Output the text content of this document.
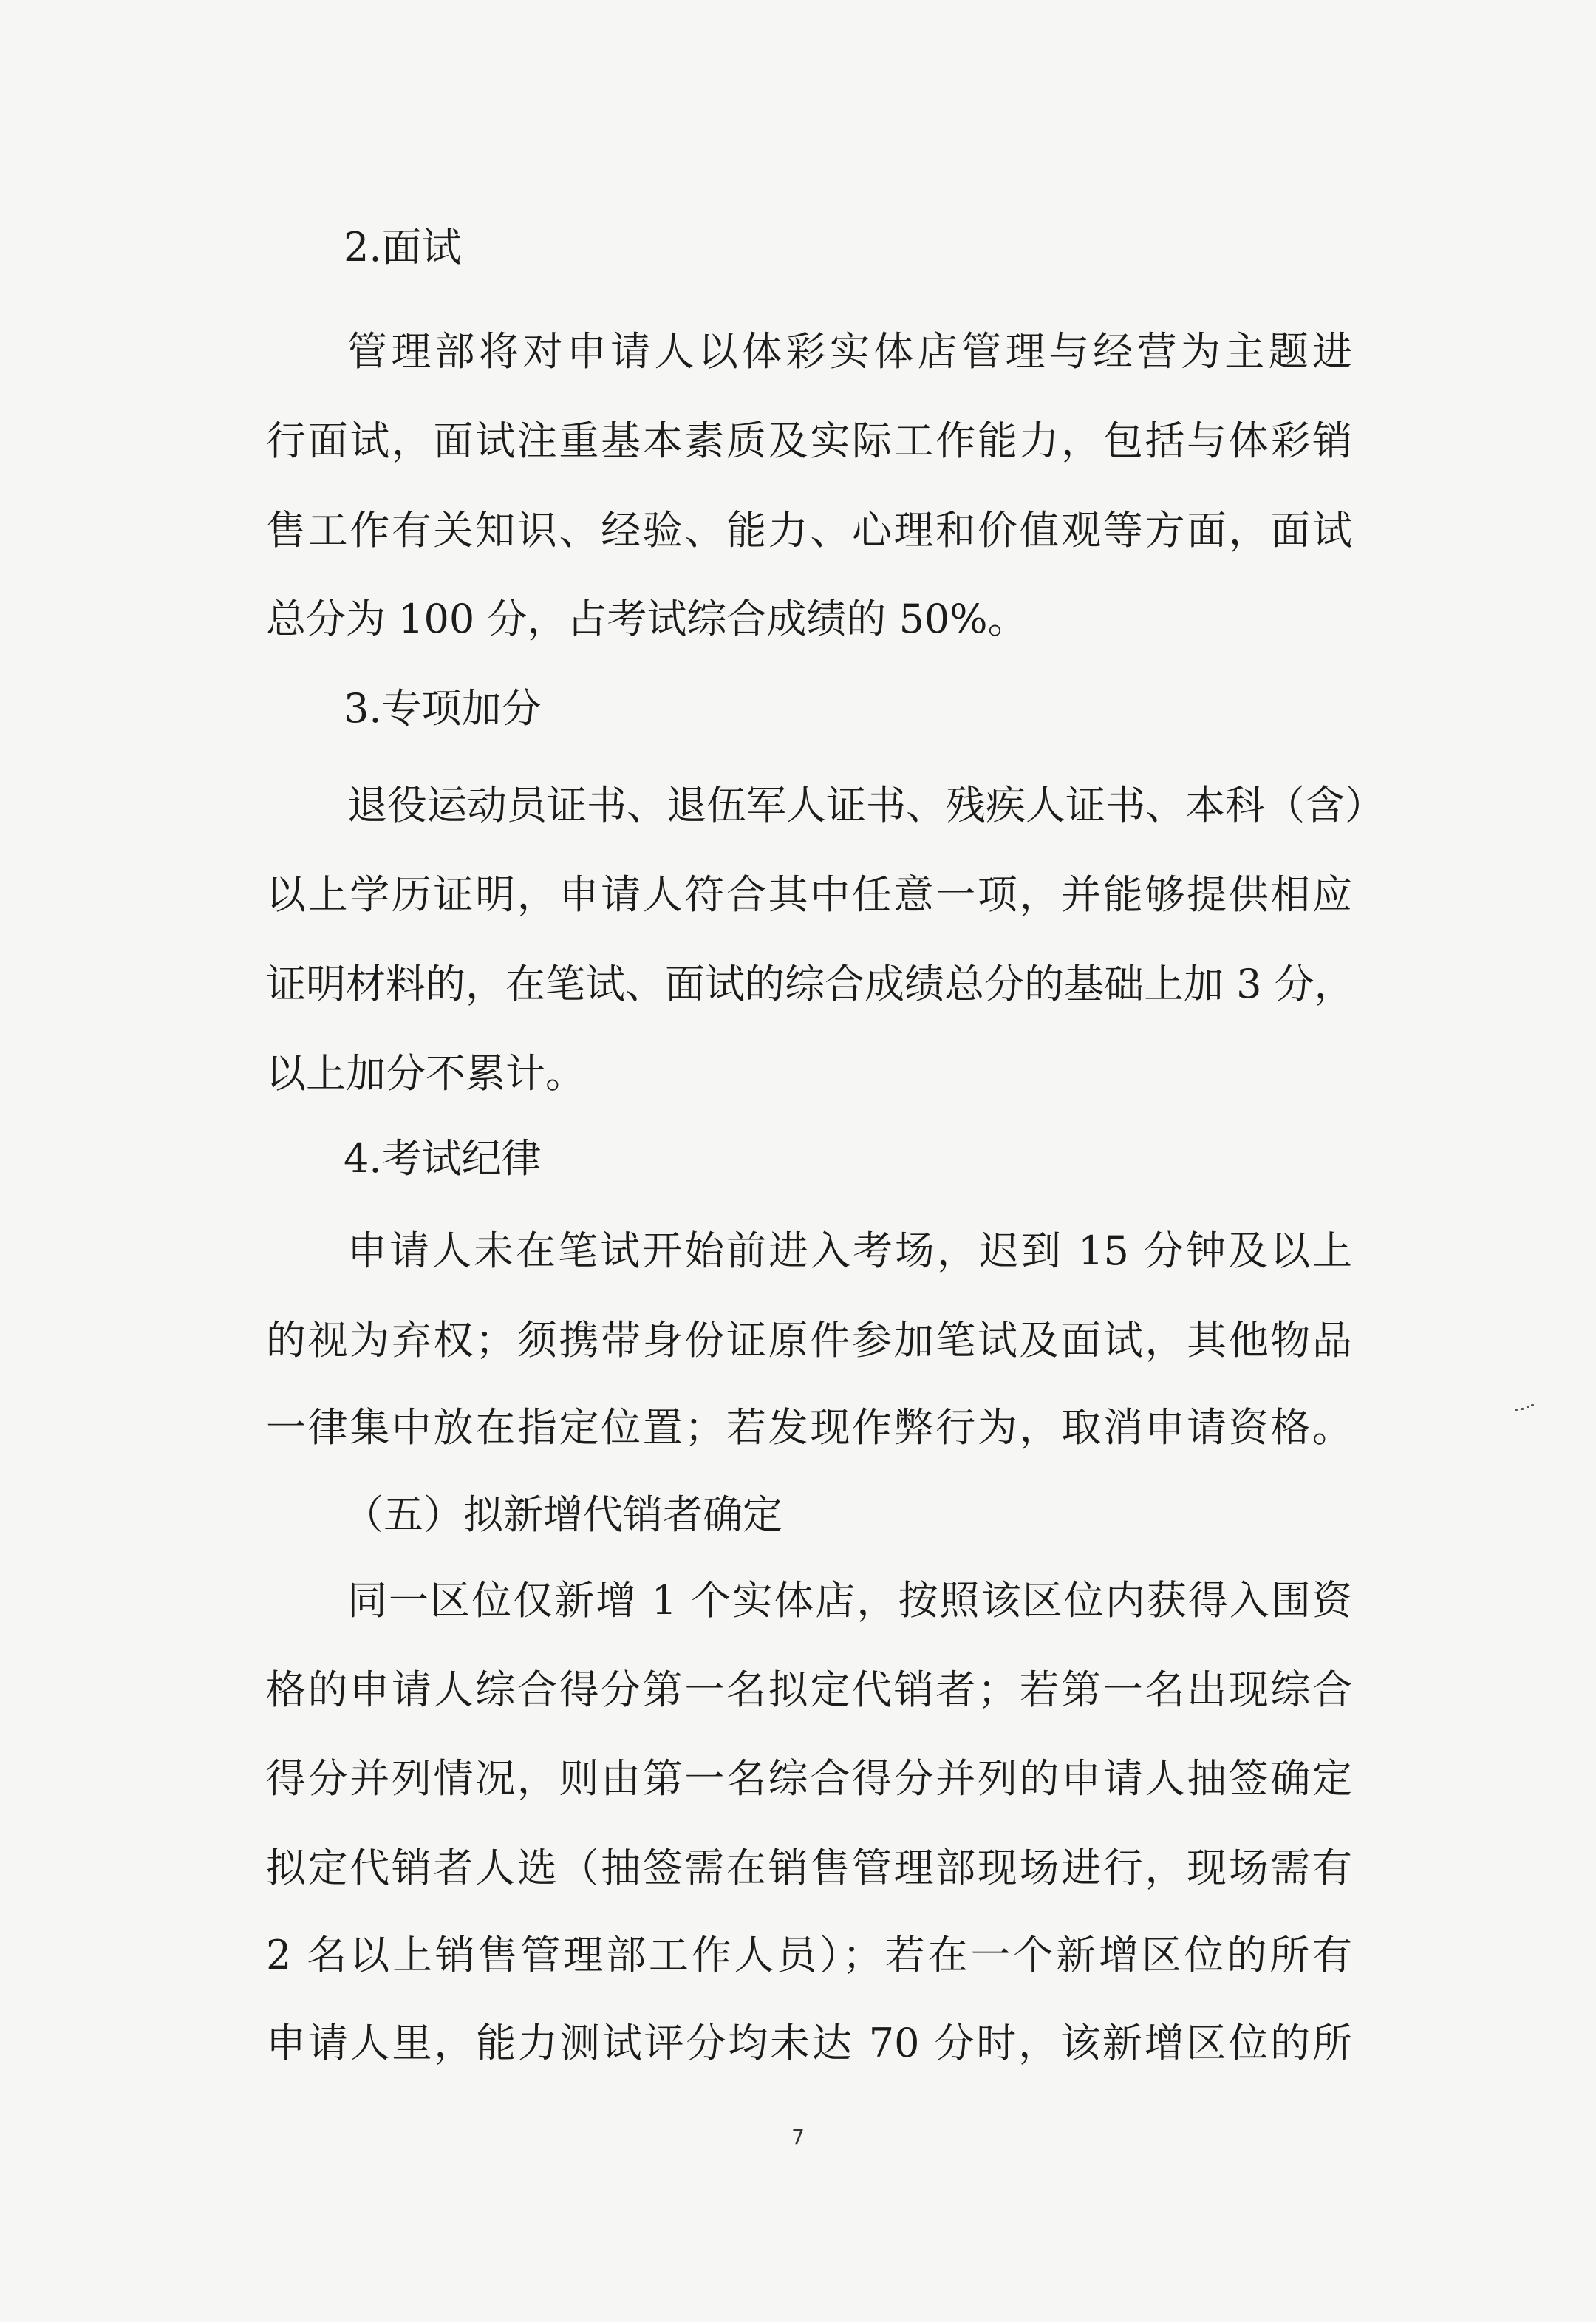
2.面试
管理部将对申请人以体彩实体店管理与经营为主题进
行面试，面试注重基本素质及实际工作能力，包括与体彩销
售工作有关知识、经验、能力、心理和价值观等方面，面试
总分为 100 分，占考试综合成绩的 50%。
3.专项加分
退役运动员证书、退伍军人证书、残疾人证书、本科（含）
以上学历证明，申请人符合其中任意一项，并能够提供相应
证明材料的，在笔试、面试的综合成绩总分的基础上加 3 分，
以上加分不累计。
4.考试纪律
申请人未在笔试开始前进入考场，迟到 15 分钟及以上
的视为弃权；须携带身份证原件参加笔试及面试，其他物品
一律集中放在指定位置；若发现作弊行为，取消申请资格。
（五）拟新增代销者确定
同一区位仅新增 1 个实体店，按照该区位内获得入围资
格的申请人综合得分第一名拟定代销者；若第一名出现综合
得分并列情况，则由第一名综合得分并列的申请人抽签确定
拟定代销者人选（抽签需在销售管理部现场进行，现场需有
2 名以上销售管理部工作人员）；若在一个新增区位的所有
申请人里，能力测试评分均未达 70 分时，该新增区位的所
7
